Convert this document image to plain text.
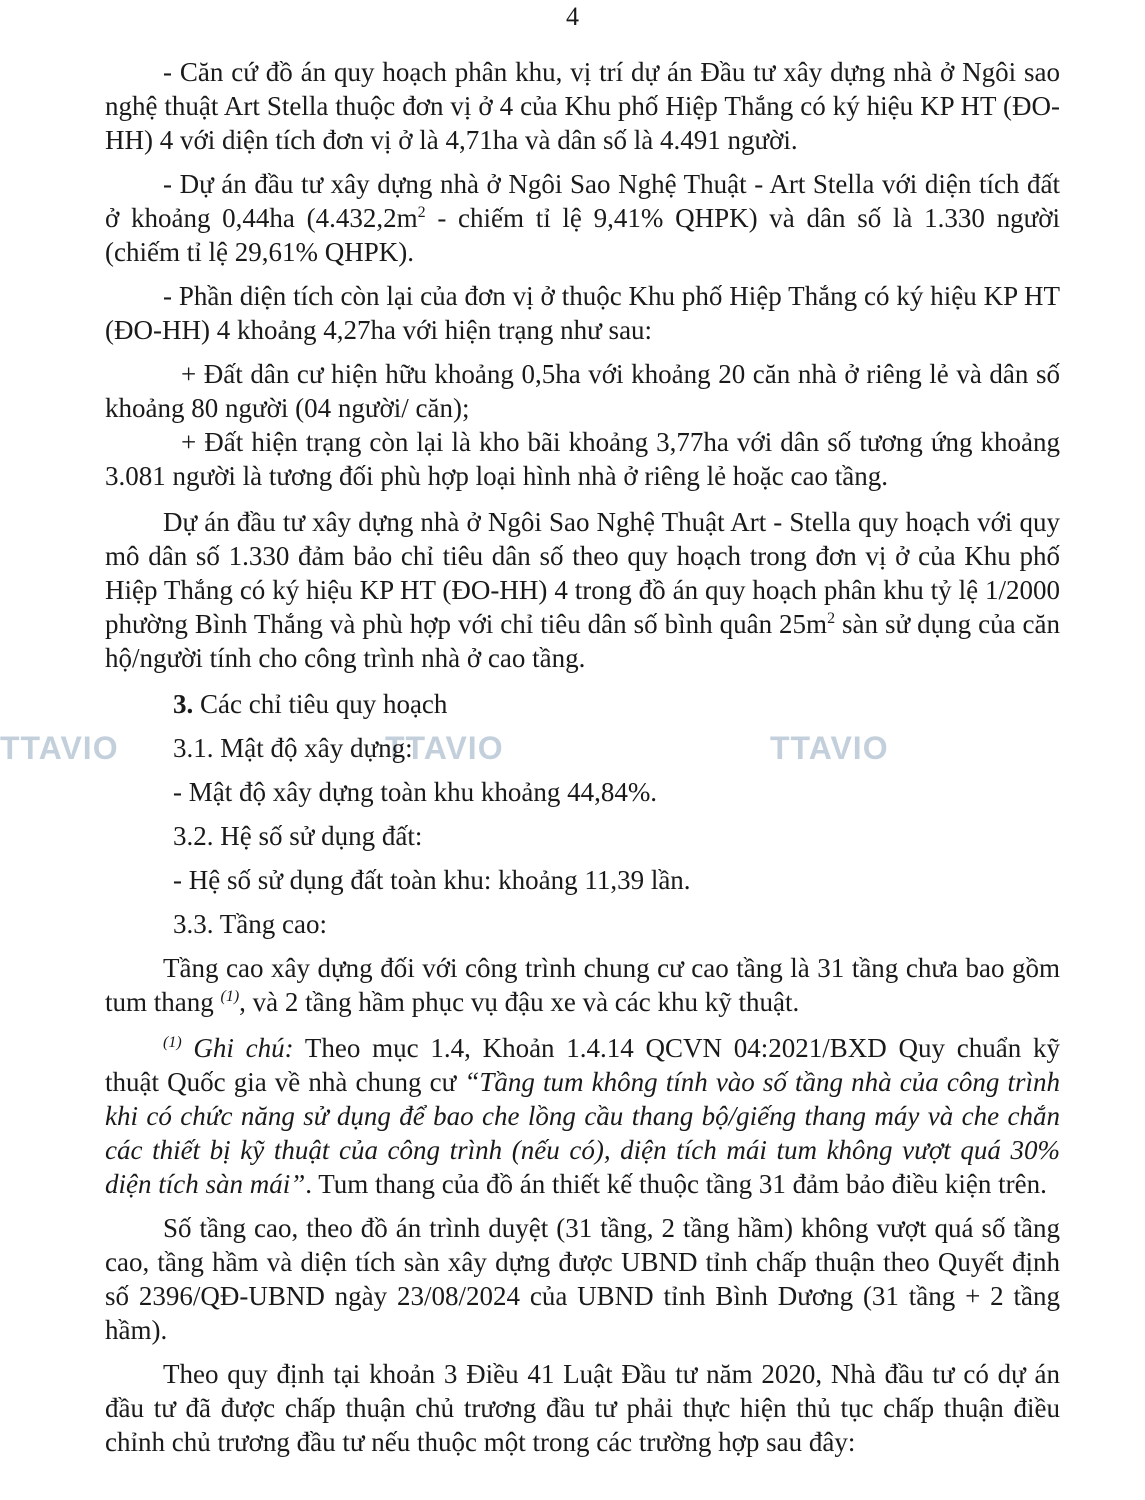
4
TTAVIO	TTAVIO	TTAVIO

- Căn cứ đồ án quy hoạch phân khu, vị trí dự án Đầu tư xây dựng nhà ở Ngôi sao nghệ thuật Art Stella thuộc đơn vị ở 4 của Khu phố Hiệp Thắng có ký hiệu KP HT (ĐO-HH) 4 với diện tích đơn vị ở là 4,71ha và dân số là 4.491 người.

- Dự án đầu tư xây dựng nhà ở Ngôi Sao Nghệ Thuật - Art Stella với diện tích đất ở khoảng 0,44ha ($4.432,2m^2$ - chiếm tỉ lệ 9,41% QHPK) và dân số là 1.330 người (chiếm tỉ lệ 29,61% QHPK).

- Phần diện tích còn lại của đơn vị ở thuộc Khu phố Hiệp Thắng có ký hiệu KP HT (ĐO-HH) 4 khoảng 4,27ha với hiện trạng như sau:

+ Đất dân cư hiện hữu khoảng 0,5ha với khoảng 20 căn nhà ở riêng lẻ và dân số khoảng 80 người (04 người/ căn);

+ Đất hiện trạng còn lại là kho bãi khoảng 3,77ha với dân số tương ứng khoảng 3.081 người là tương đối phù hợp loại hình nhà ở riêng lẻ hoặc cao tầng.

Dự án đầu tư xây dựng nhà ở Ngôi Sao Nghệ Thuật Art - Stella quy hoạch với quy mô dân số 1.330 đảm bảo chỉ tiêu dân số theo quy hoạch trong đơn vị ở của Khu phố Hiệp Thắng có ký hiệu KP HT (ĐO-HH) 4 trong đồ án quy hoạch phân khu tỷ lệ 1/2000 phường Bình Thắng và phù hợp với chỉ tiêu dân số bình quân $25m^2$ sàn sử dụng của căn hộ/người tính cho công trình nhà ở cao tầng.

3. Các chỉ tiêu quy hoạch

3.1. Mật độ xây dựng:

- Mật độ xây dựng toàn khu khoảng 44,84%.

3.2. Hệ số sử dụng đất:

- Hệ số sử dụng đất toàn khu: khoảng 11,39 lần.

3.3. Tầng cao:

Tầng cao xây dựng đối với công trình chung cư cao tầng là 31 tầng chưa bao gồm tum thang $^{(1)}$, và 2 tầng hầm phục vụ đậu xe và các khu kỹ thuật.

$^{(1)}$ Ghi chú: Theo mục 1.4, Khoản 1.4.14 QCVN 04:2021/BXD Quy chuẩn kỹ thuật Quốc gia về nhà chung cư “Tầng tum không tính vào số tầng nhà của công trình khi có chức năng sử dụng để bao che lồng cầu thang bộ/giếng thang máy và che chắn các thiết bị kỹ thuật của công trình (nếu có), diện tích mái tum không vượt quá 30% diện tích sàn mái”. Tum thang của đồ án thiết kế thuộc tầng 31 đảm bảo điều kiện trên.

Số tầng cao, theo đồ án trình duyệt (31 tầng, 2 tầng hầm) không vượt quá số tầng cao, tầng hầm và diện tích sàn xây dựng được UBND tỉnh chấp thuận theo Quyết định số 2396/QĐ-UBND ngày 23/08/2024 của UBND tỉnh Bình Dương (31 tầng + 2 tầng hầm).

Theo quy định tại khoản 3 Điều 41 Luật Đầu tư năm 2020, Nhà đầu tư có dự án đầu tư đã được chấp thuận chủ trương đầu tư phải thực hiện thủ tục chấp thuận điều chỉnh chủ trương đầu tư nếu thuộc một trong các trường hợp sau đây:
